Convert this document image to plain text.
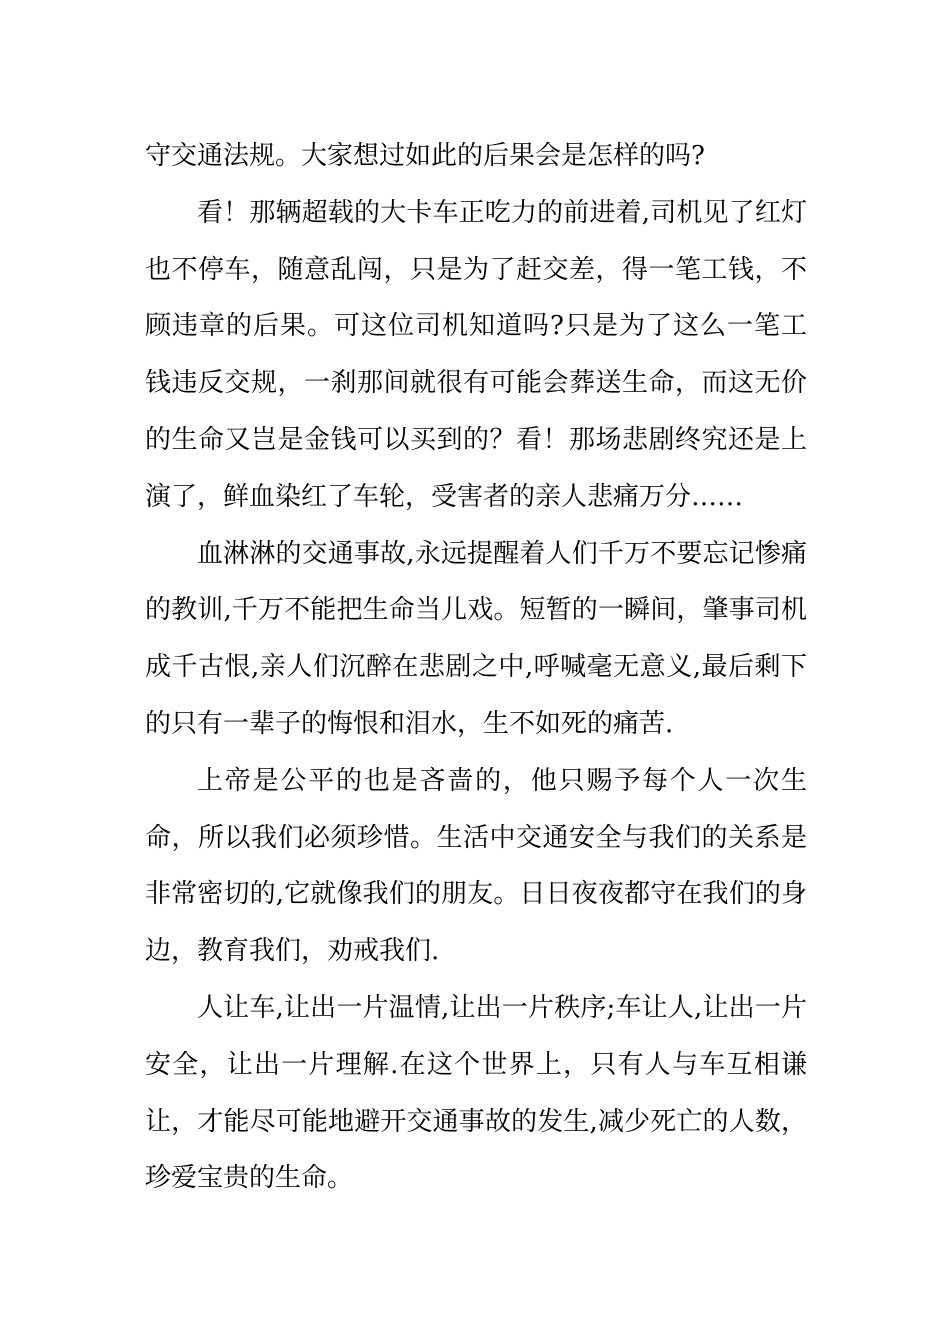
守交通法规。大家想过如此的后果会是怎样的吗?

看！那辆超载的大卡车正吃力的前进着,司机见了红灯也不停车，随意乱闯，只是为了赶交差，得一笔工钱，不顾违章的后果。可这位司机知道吗?只是为了这么一笔工钱违反交规，一刹那间就很有可能会葬送生命，而这无价的生命又岂是金钱可以买到的？看！那场悲剧终究还是上演了，鲜血染红了车轮，受害者的亲人悲痛万分……

血淋淋的交通事故,永远提醒着人们千万不要忘记惨痛的教训,千万不能把生命当儿戏。短暂的一瞬间，肇事司机成千古恨,亲人们沉醉在悲剧之中,呼喊毫无意义,最后剩下的只有一辈子的悔恨和泪水，生不如死的痛苦.

上帝是公平的也是吝啬的，他只赐予每个人一次生命，所以我们必须珍惜。生活中交通安全与我们的关系是非常密切的,它就像我们的朋友。日日夜夜都守在我们的身边，教育我们，劝戒我们.

人让车,让出一片温情,让出一片秩序;车让人,让出一片安全，让出一片理解.在这个世界上，只有人与车互相谦让，才能尽可能地避开交通事故的发生,减少死亡的人数，珍爱宝贵的生命。
